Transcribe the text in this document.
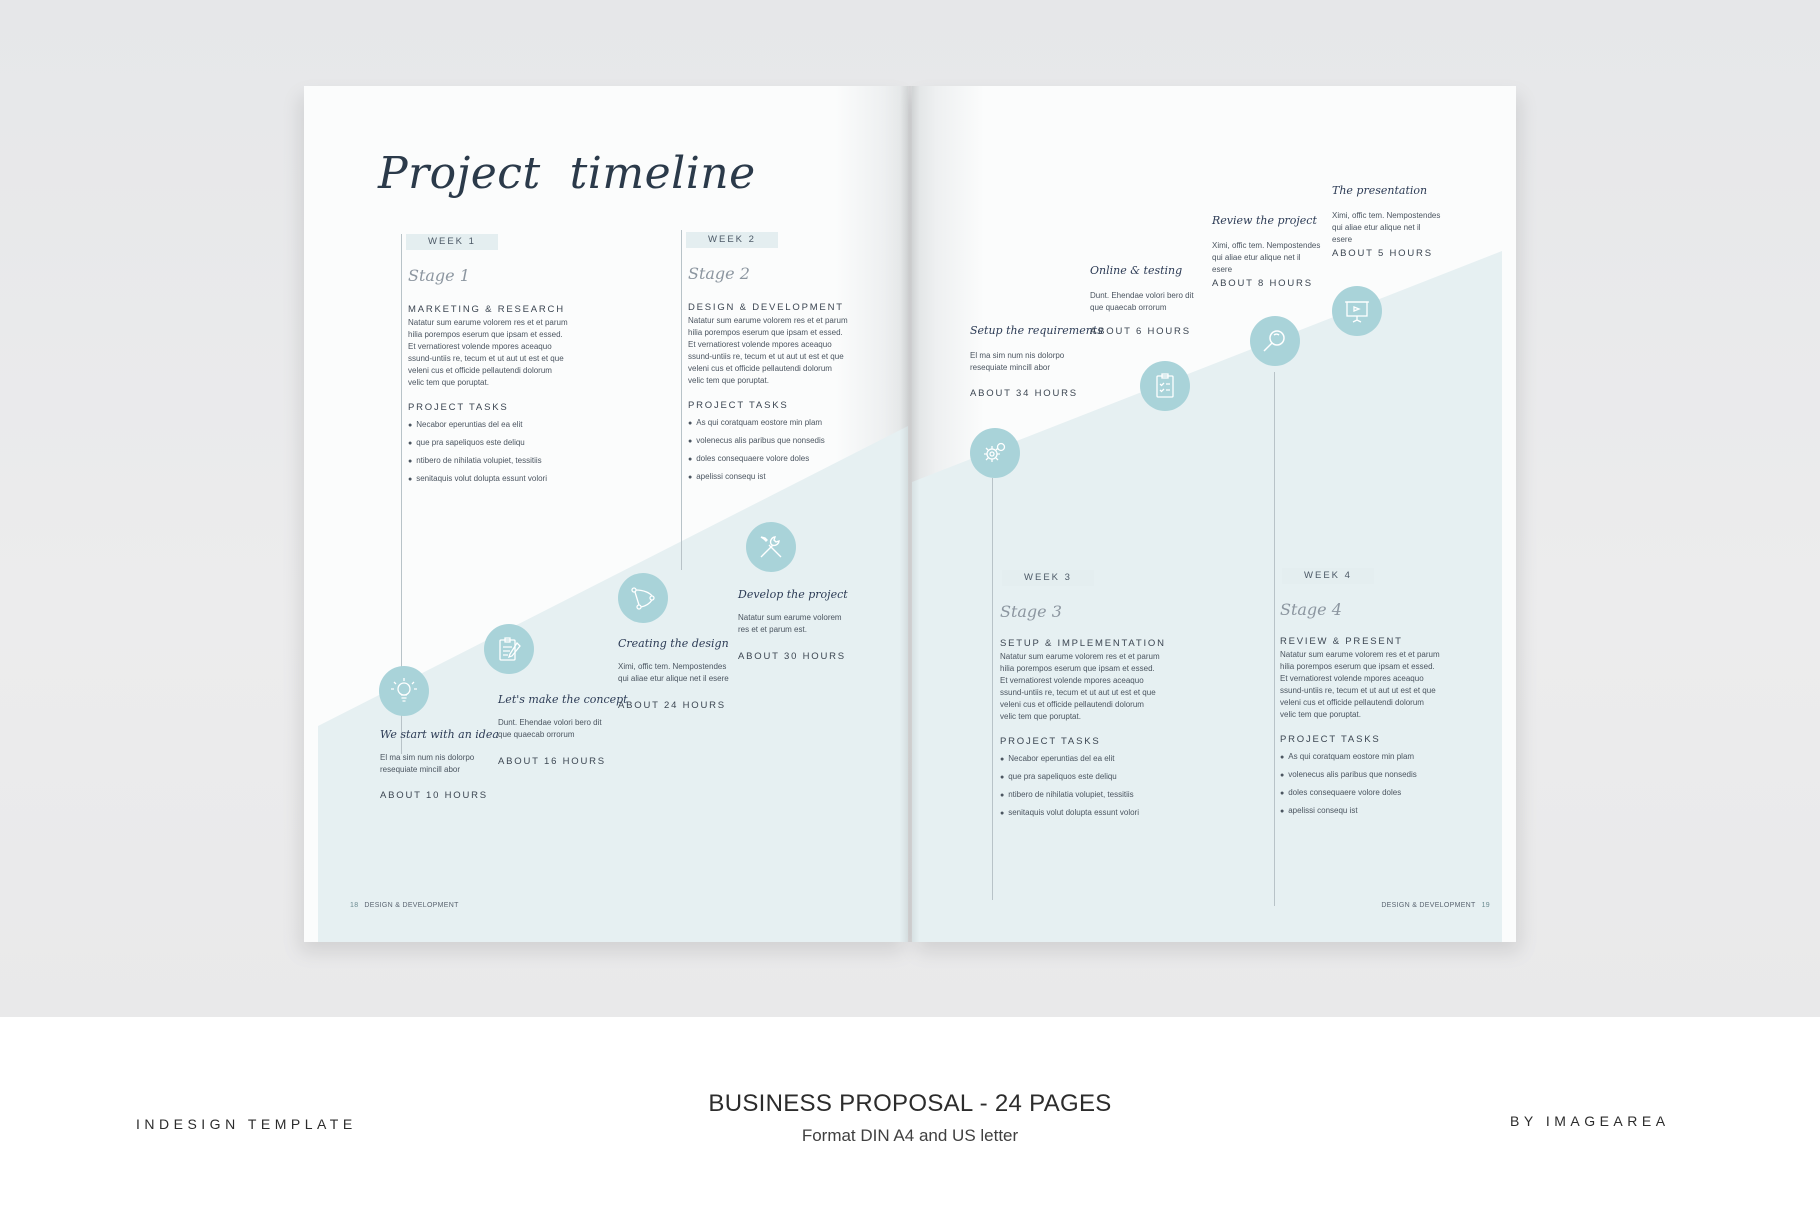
Project  timeline
WEEK 1
Stage 1
MARKETING & RESEARCH
Natatur sum earume volorem res et et parum hilia porempos eserum que ipsam et essed. Et vernatiorest volende mpores aceaquo ssund-untiis re, tecum et ut aut ut est et que veleni cus et officide pellautendi dolorum velic tem que poruptat.
PROJECT TASKS
● Necabor eperuntias del ea elit
● que pra sapeliquos este deliqu
● ntibero de nihilatia volupiet, tessitiis
● senitaquis volut dolupta essunt volori
WEEK 2
Stage 2
DESIGN & DEVELOPMENT
Natatur sum earume volorem res et et parum hilia porempos eserum que ipsam et essed. Et vernatiorest volende mpores aceaquo ssund-untiis re, tecum et ut aut ut est et que veleni cus et officide pellautendi dolorum velic tem que poruptat.
PROJECT TASKS
● As qui coratquam eostore min plam
● volenecus alis paribus que nonsedis
● doles consequaere volore doles
● apelissi consequ ist
We start with an idea
El ma sim num nis dolorpo resequiate mincill abor
ABOUT 10 HOURS
Let's make the concept
Dunt. Ehendae volori bero dit que quaecab orrorum
ABOUT 16 HOURS
Creating the design
Ximi, offic tem. Nempostendes qui aliae etur alique net il esere
ABOUT 24 HOURS
Develop the project
Natatur sum earume volorem res et et parum est.
ABOUT 30 HOURS
18 DESIGN & DEVELOPMENT
Setup the requirements
El ma sim num nis dolorpo resequiate mincill abor
ABOUT 34 HOURS
Online & testing
Dunt. Ehendae volori bero dit que quaecab orrorum
ABOUT 6 HOURS
Review the project
Ximi, offic tem. Nempostendes qui aliae etur alique net il esere
ABOUT 8 HOURS
The presentation
Ximi, offic tem. Nempostendes qui aliae etur alique net il esere
ABOUT 5 HOURS
WEEK 3
Stage 3
SETUP & IMPLEMENTATION
Natatur sum earume volorem res et et parum hilia porempos eserum que ipsam et essed. Et vernatiorest volende mpores aceaquo ssund-untiis re, tecum et ut aut ut est et que veleni cus et officide pellautendi dolorum velic tem que poruptat.
PROJECT TASKS
● Necabor eperuntias del ea elit
● que pra sapeliquos este deliqu
● ntibero de nihilatia volupiet, tessitiis
● senitaquis volut dolupta essunt volori
WEEK 4
Stage 4
REVIEW & PRESENT
Natatur sum earume volorem res et et parum hilia porempos eserum que ipsam et essed. Et vernatiorest volende mpores aceaquo ssund-untiis re, tecum et ut aut ut est et que veleni cus et officide pellautendi dolorum velic tem que poruptat.
PROJECT TASKS
● As qui coratquam eostore min plam
● volenecus alis paribus que nonsedis
● doles consequaere volore doles
● apelissi consequ ist
DESIGN & DEVELOPMENT 19
INDESIGN TEMPLATE
BUSINESS PROPOSAL - 24 PAGES
Format DIN A4 and US letter
BY IMAGEAREA
